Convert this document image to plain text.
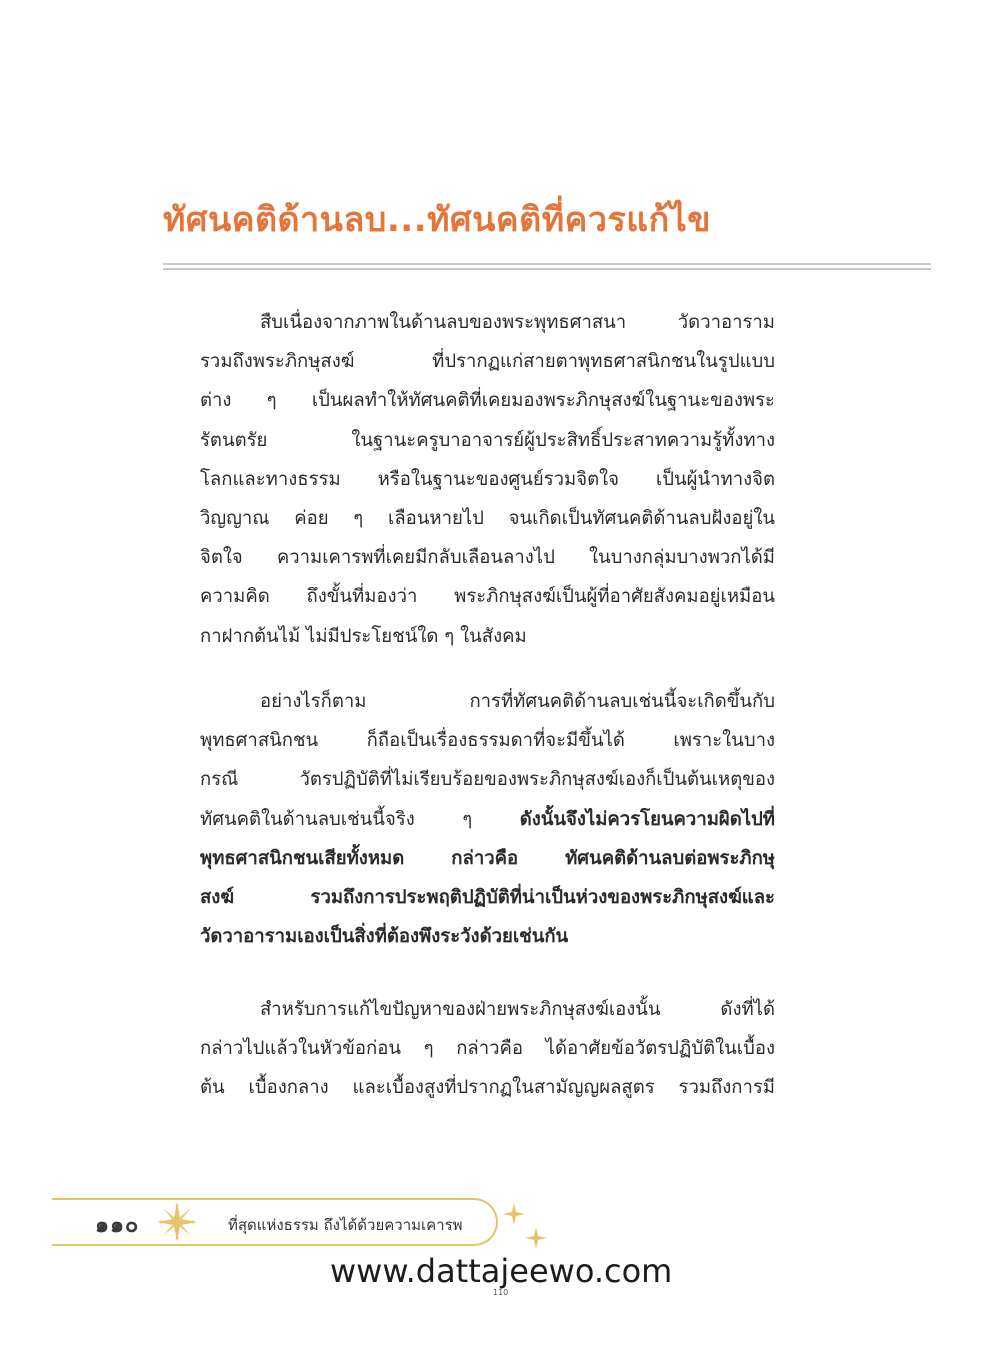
ทัศนคติด้านลบ...ทัศนคติที่ควรแก้ไข
สืบเนื่องจากภาพในด้านลบของพระพุทธศาสนา วัดวาอาราม
รวมถึงพระภิกษุสงฆ์ ที่ปรากฏแก่สายตาพุทธศาสนิกชนในรูปแบบ
ต่าง ๆ เป็นผลทำให้ทัศนคติที่เคยมองพระภิกษุสงฆ์ในฐานะของพระ
รัตนตรัย ในฐานะครูบาอาจารย์ผู้ประสิทธิ์ประสาทความรู้ทั้งทาง
โลกและทางธรรม หรือในฐานะของศูนย์รวมจิตใจ เป็นผู้นำทางจิต
วิญญาณ ค่อย ๆ เลือนหายไป จนเกิดเป็นทัศนคติด้านลบฝังอยู่ใน
จิตใจ ความเคารพที่เคยมีกลับเลือนลางไป ในบางกลุ่มบางพวกได้มี
ความคิด ถึงขั้นที่มองว่า พระภิกษุสงฆ์เป็นผู้ที่อาศัยสังคมอยู่เหมือน
กาฝากต้นไม้ ไม่มีประโยชน์ใด ๆ ในสังคม
อย่างไรก็ตาม การที่ทัศนคติด้านลบเช่นนี้จะเกิดขึ้นกับ
พุทธศาสนิกชน ก็ถือเป็นเรื่องธรรมดาที่จะมีขึ้นได้ เพราะในบาง
กรณี วัตรปฏิบัติที่ไม่เรียบร้อยของพระภิกษุสงฆ์เองก็เป็นต้นเหตุของ
ทัศนคติในด้านลบเช่นนี้จริง ๆ ดังนั้นจึงไม่ควรโยนความผิดไปที่
พุทธศาสนิกชนเสียทั้งหมด กล่าวคือ ทัศนคติด้านลบต่อพระภิกษุ
สงฆ์ รวมถึงการประพฤติปฏิบัติที่น่าเป็นห่วงของพระภิกษุสงฆ์และ
วัดวาอารามเองเป็นสิ่งที่ต้องพึงระวังด้วยเช่นกัน
สำหรับการแก้ไขปัญหาของฝ่ายพระภิกษุสงฆ์เองนั้น ดังที่ได้
กล่าวไปแล้วในหัวข้อก่อน ๆ กล่าวคือ ได้อาศัยข้อวัตรปฏิบัติในเบื้อง
ต้น เบื้องกลาง และเบื้องสูงที่ปรากฏในสามัญญผลสูตร รวมถึงการมี
๑๑๐	ที่สุดแห่งธรรม ถึงได้ด้วยความเคารพ
www.dattajeewo.com
110
